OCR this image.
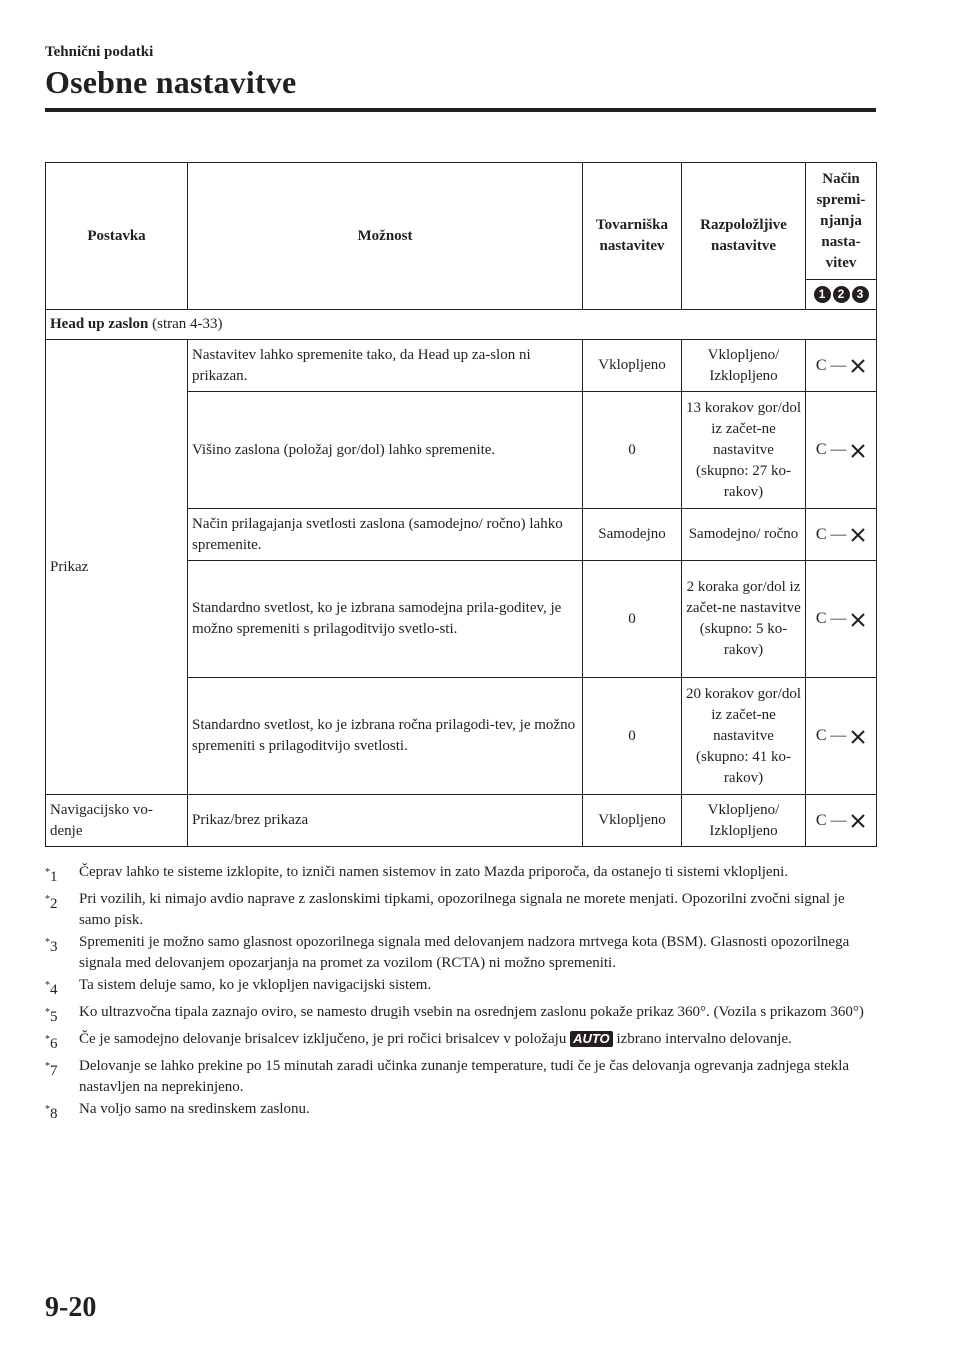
Tehnični podatki
Osebne nastavitve
Postavka	Možnost	Tovarniška nastavitev	Razpoložljive nastavitve	Način spremi- njanja nasta- vitev
				1 2 3
Head up zaslon (stran 4-33)				
Prikaz	Nastavitev lahko spremenite tako, da Head up za-slon ni prikazan.	Vklopljeno	Vklopljeno/ Izklopljeno	C —
	Višino zaslona (položaj gor/dol) lahko spremenite.	0	13 korakov gor/dol iz začet-ne nastavitve (skupno: 27 ko-rakov)	C —
	Način prilagajanja svetlosti zaslona (samodejno/ ročno) lahko spremenite.	Samodejno	Samodejno/ ročno	C —
	Standardno svetlost, ko je izbrana samodejna prila-goditev, je možno spremeniti s prilagoditvijo svetlo-sti.	0	2 koraka gor/dol iz začet-ne nastavitve (skupno: 5 ko-rakov)	C —
	Standardno svetlost, ko je izbrana ročna prilagodi-tev, je možno spremeniti s prilagoditvijo svetlosti.	0	20 korakov gor/dol iz začet-ne nastavitve (skupno: 41 ko-rakov)	C —
Navigacijsko vo-denje	Prikaz/brez prikaza	Vklopljeno	Vklopljeno/ Izklopljeno	C —
*1	Čeprav lahko te sisteme izklopite, to izniči namen sistemov in zato Mazda priporoča, da ostanejo ti sistemi vklopljeni.
*2	Pri vozilih, ki nimajo avdio naprave z zaslonskimi tipkami, opozorilnega signala ne morete menjati. Opozorilni zvočni signal je samo pisk.
*3	Spremeniti je možno samo glasnost opozorilnega signala med delovanjem nadzora mrtvega kota (BSM). Glasnosti opozorilnega signala med delovanjem opozarjanja na promet za vozilom (RCTA) ni možno spremeniti.
*4	Ta sistem deluje samo, ko je vklopljen navigacijski sistem.
*5	Ko ultrazvočna tipala zaznajo oviro, se namesto drugih vsebin na osrednjem zaslonu pokaže prikaz 360°. (Vozila s prikazom 360°)
*6	Če je samodejno delovanje brisalcev izključeno, je pri ročici brisalcev v položaju AUTO izbrano intervalno delovanje.
*7	Delovanje se lahko prekine po 15 minutah zaradi učinka zunanje temperature, tudi če je čas delovanja ogrevanja zadnjega stekla nastavljen na neprekinjeno.
*8	Na voljo samo na sredinskem zaslonu.
9-20
